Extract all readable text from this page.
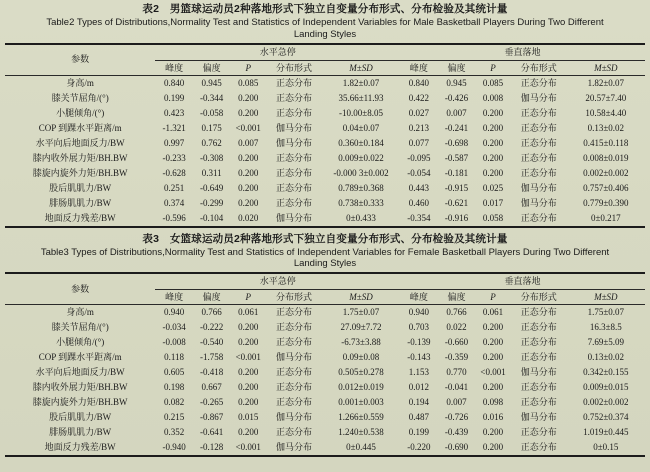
表2　男篮球运动员2种落地形式下独立自变量分布形式、分布检验及其统计量
Table2 Types of Distributions,Normality Test and Statistics of Independent Variables for Male Basketball Players During Two Different
Landing Styles
参数	水平急停					垂直落地				
	峰度	偏度	P	分布形式	M±SD	峰度	偏度	P	分布形式	M±SD
身高/m	0.840	0.945	0.085	正态分布	1.82±0.07	0.840	0.945	0.085	正态分布	1.82±0.07
膝关节屈角/(°)	0.199	-0.344	0.200	正态分布	35.66±11.93	0.422	-0.426	0.008	伽马分布	20.57±7.40
小腿倾角/(°)	0.423	-0.058	0.200	正态分布	-10.00±8.05	0.027	0.007	0.200	正态分布	10.58±4.40
COP 到踝水平距离/m	-1.321	0.175	<0.001	伽马分布	0.04±0.07	0.213	-0.241	0.200	正态分布	0.13±0.02
水平向后地面反力/BW	0.997	0.762	0.007	伽马分布	0.360±0.184	0.077	-0.698	0.200	正态分布	0.415±0.118
膝内收外展力矩/BH.BW	-0.233	-0.308	0.200	正态分布	0.009±0.022	-0.095	-0.587	0.200	正态分布	0.008±0.019
膝旋内旋外力矩/BH.BW	-0.628	0.311	0.200	正态分布	-0.000 3±0.002	-0.054	-0.181	0.200	正态分布	0.002±0.002
股后肌肌力/BW	0.251	-0.649	0.200	正态分布	0.789±0.368	0.443	-0.915	0.025	伽马分布	0.757±0.406
腓肠肌肌力/BW	0.374	-0.299	0.200	正态分布	0.738±0.333	0.460	-0.621	0.017	伽马分布	0.779±0.390
地面反力残差/BW	-0.596	-0.104	0.020	伽马分布	0±0.433	-0.354	-0.916	0.058	正态分布	0±0.217
表3　女篮球运动员2种落地形式下独立自变量分布形式、分布检验及其统计量
Table3 Types of Distributions,Normality Test and Statistics of Independent Variables for Female Basketball Players During Two Different
Landing Styles
参数	水平急停					垂直落地				
	峰度	偏度	P	分布形式	M±SD	峰度	偏度	P	分布形式	M±SD
身高/m	0.940	0.766	0.061	正态分布	1.75±0.07	0.940	0.766	0.061	正态分布	1.75±0.07
膝关节屈角/(°)	-0.034	-0.222	0.200	正态分布	27.09±7.72	0.703	0.022	0.200	正态分布	16.3±8.5
小腿倾角/(°)	-0.008	-0.540	0.200	正态分布	-6.73±3.88	-0.139	-0.660	0.200	正态分布	7.69±5.09
COP 到踝水平距离/m	0.118	-1.758	<0.001	伽马分布	0.09±0.08	-0.143	-0.359	0.200	正态分布	0.13±0.02
水平向后地面反力/BW	0.605	-0.418	0.200	正态分布	0.505±0.278	1.153	0.770	<0.001	伽马分布	0.342±0.155
膝内收外展力矩/BH.BW	0.198	0.667	0.200	正态分布	0.012±0.019	0.012	-0.041	0.200	正态分布	0.009±0.015
膝旋内旋外力矩/BH.BW	0.082	-0.265	0.200	正态分布	0.001±0.003	0.194	0.007	0.098	正态分布	0.002±0.002
股后肌肌力/BW	0.215	-0.867	0.015	伽马分布	1.266±0.559	0.487	-0.726	0.016	伽马分布	0.752±0.374
腓肠肌肌力/BW	0.352	-0.641	0.200	正态分布	1.240±0.538	0.199	-0.439	0.200	正态分布	1.019±0.445
地面反力残差/BW	-0.940	-0.128	<0.001	伽马分布	0±0.445	-0.220	-0.690	0.200	正态分布	0±0.15
